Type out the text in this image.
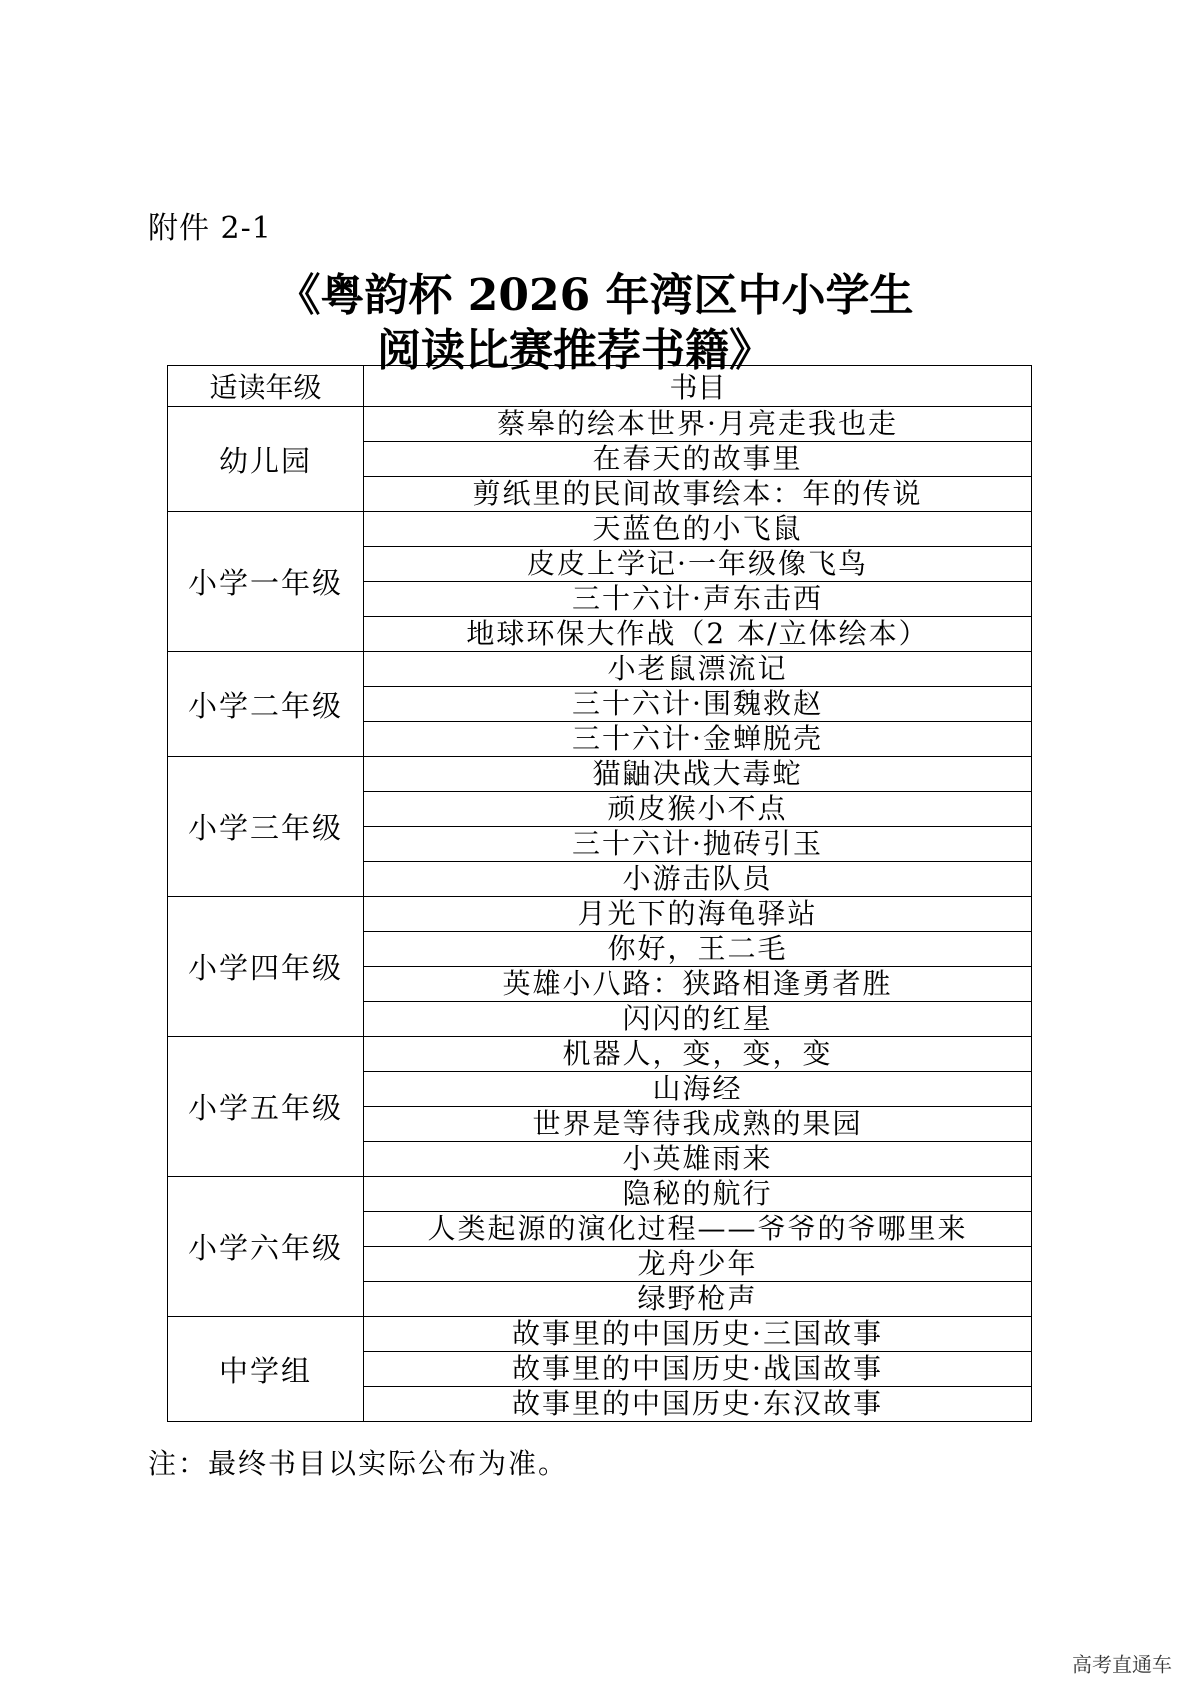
附件 2-1
《粤韵杯 2026 年湾区中小学生

阅读比赛推荐书籍》
适读年级	书目
幼儿园	蔡皋的绘本世界·月亮走我也走
	在春天的故事里
	剪纸里的民间故事绘本：年的传说
小学一年级	天蓝色的小飞鼠
	皮皮上学记·一年级像飞鸟
	三十六计·声东击西
	地球环保大作战（2 本/立体绘本）
小学二年级	小老鼠漂流记
	三十六计·围魏救赵
	三十六计·金蝉脱壳
小学三年级	猫鼬决战大毒蛇
	顽皮猴小不点
	三十六计·抛砖引玉
	小游击队员
小学四年级	月光下的海龟驿站
	你好，王二毛
	英雄小八路：狭路相逢勇者胜
	闪闪的红星
小学五年级	机器人，变，变，变
	山海经
	世界是等待我成熟的果园
	小英雄雨来
小学六年级	隐秘的航行
	人类起源的演化过程——爷爷的爷哪里来
	龙舟少年
	绿野枪声
中学组	故事里的中国历史·三国故事
	故事里的中国历史·战国故事
	故事里的中国历史·东汉故事
注：最终书目以实际公布为准。
高考直通车
